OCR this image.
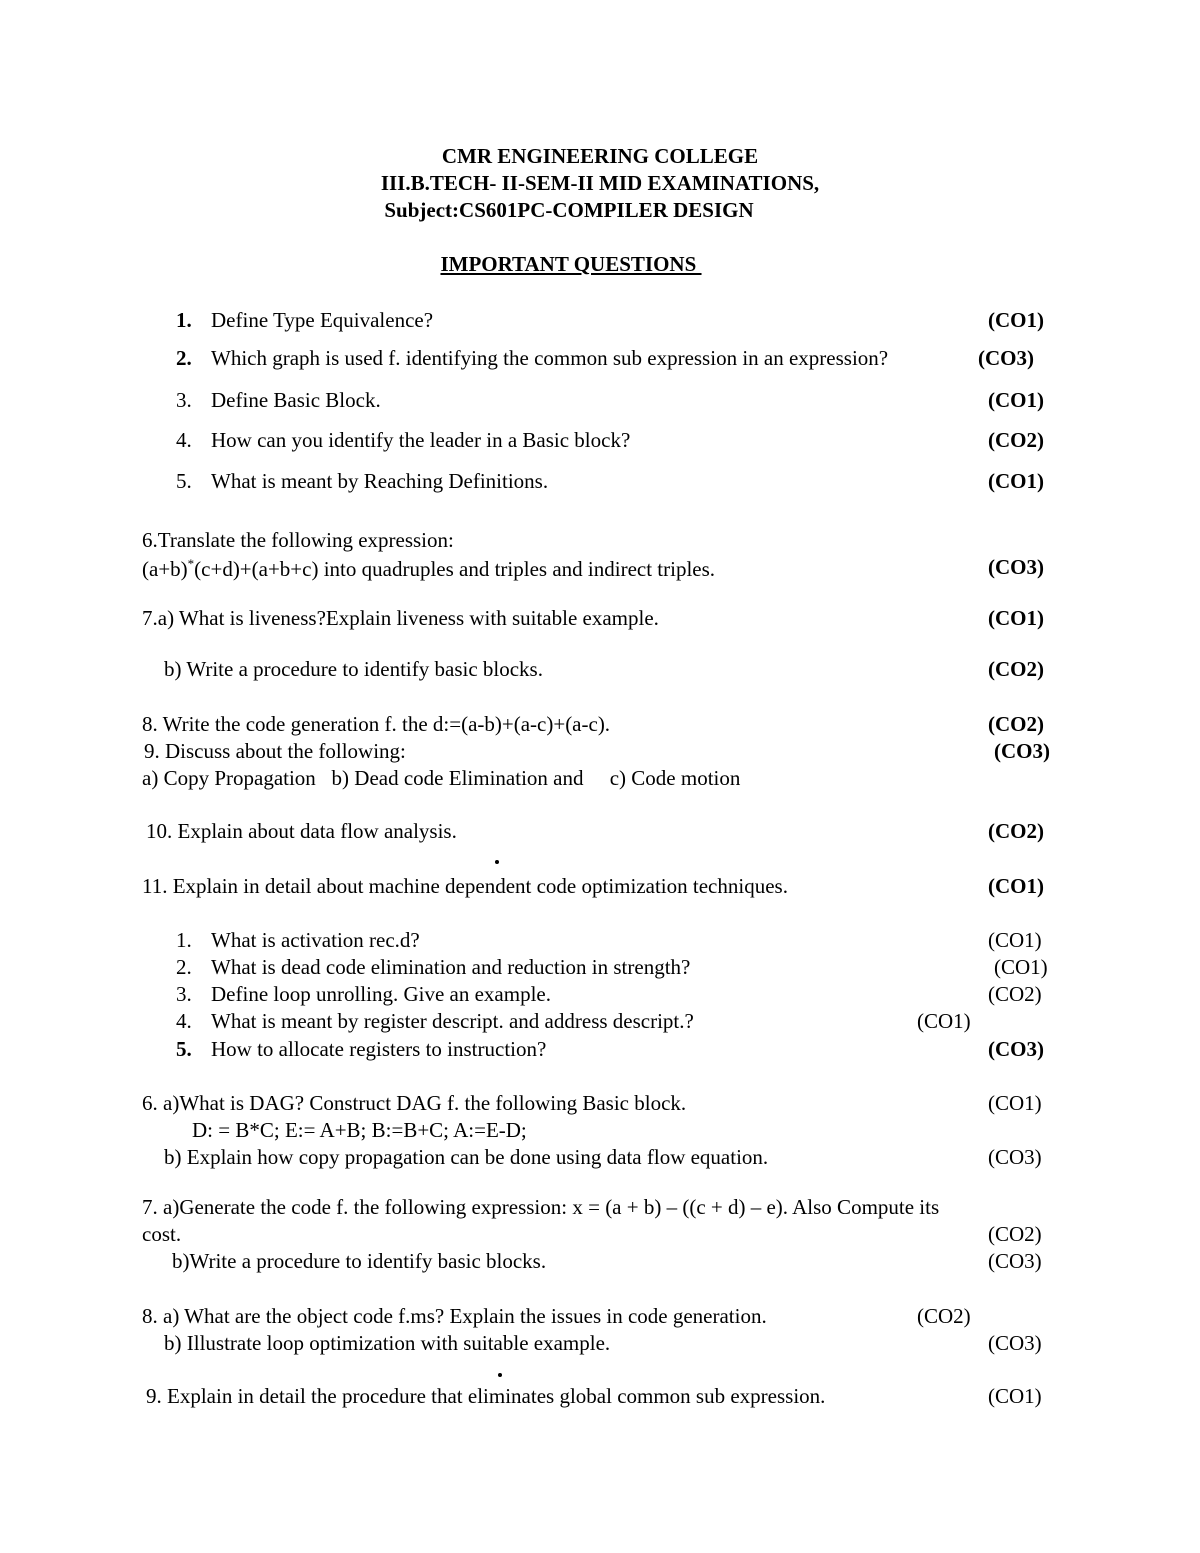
CMR ENGINEERING COLLEGE
III.B.TECH- II-SEM-II MID EXAMINATIONS,
Subject:CS601PC-COMPILER DESIGN
IMPORTANT QUESTIONS
1. Define Type Equivalence?	(CO1)
2. Which graph is used f. identifying the common sub expression in an expression?	(CO3)
3. Define Basic Block.	(CO1)
4. How can you identify the leader in a Basic block?	(CO2)
5. What is meant by Reaching Definitions.	(CO1)
6.Translate the following expression:
(a+b)*(c+d)+(a+b+c) into quadruples and triples and indirect triples.	(CO3)
7.a) What is liveness?Explain liveness with suitable example.	(CO1)
b) Write a procedure to identify basic blocks.	(CO2)
8. Write the code generation f. the d:=(a-b)+(a-c)+(a-c).	(CO2)
9. Discuss about the following:	(CO3)
a) Copy Propagation   b) Dead code Elimination and     c) Code motion
10. Explain about data flow analysis.	(CO2)
11. Explain in detail about machine dependent code optimization techniques.	(CO1)
1. What is activation rec.d?	(CO1)
2. What is dead code elimination and reduction in strength?	(CO1)
3. Define loop unrolling. Give an example.	(CO2)
4. What is meant by register descript. and address descript.?	(CO1)
5. How to allocate registers to instruction?	(CO3)
6. a)What is DAG? Construct DAG f. the following Basic block.	(CO1)
D: = B*C; E:= A+B; B:=B+C; A:=E-D;
b) Explain how copy propagation can be done using data flow equation.	(CO3)
7. a)Generate the code f. the following expression: x = (a + b) – ((c + d) – e). Also Compute its
cost.	(CO2)
b)Write a procedure to identify basic blocks.	(CO3)
8. a) What are the object code f.ms? Explain the issues in code generation.	(CO2)
b) Illustrate loop optimization with suitable example.	(CO3)
9. Explain in detail the procedure that eliminates global common sub expression.	(CO1)
